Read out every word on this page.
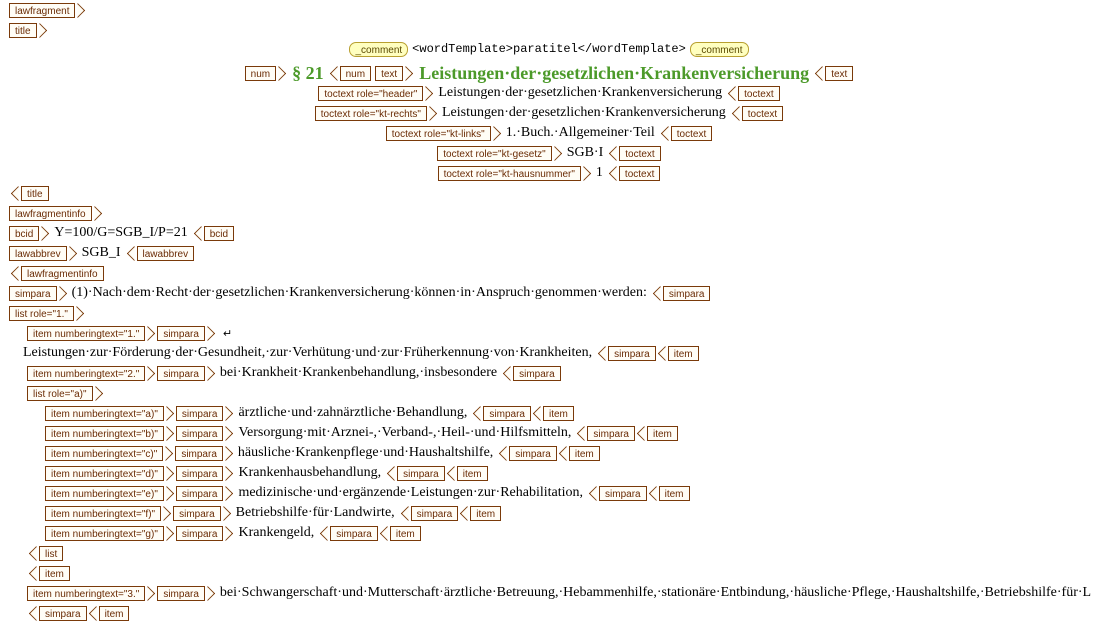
lawfragment
title
_comment <wordTemplate>paratitel</wordTemplate>	_comment
num	§ 21	num	text	Leistungen·der·gesetzlichen·Krankenversicherung	text
toctext role="header"	Leistungen·der·gesetzlichen·Krankenversicherung	toctext
toctext role="kt-rechts"	Leistungen·der·gesetzlichen·Krankenversicherung	toctext
toctext role="kt-links"	1.·Buch.·Allgemeiner·Teil	toctext
toctext role="kt-gesetz"	SGB·I	toctext
toctext role="kt-hausnummer"	1	toctext
title
lawfragmentinfo
bcid	Y=100/G=SGB_I/P=21	bcid
lawabbrev	SGB_I	lawabbrev
lawfragmentinfo
simpara	(1)·Nach·dem·Recht·der·gesetzlichen·Krankenversicherung·können·in·Anspruch·genommen·werden:	simpara
list role="1."
item numberingtext="1."	simpara	↵
Leistungen·zur·Förderung·der·Gesundheit,·zur·Verhütung·und·zur·Früherkennung·von·Krankheiten,	simpara	item
item numberingtext="2."	simpara	bei·Krankheit·Krankenbehandlung,·insbesondere	simpara
list role="a)"
item numberingtext="a)"	simpara	ärztliche·und·zahnärztliche·Behandlung,	simpara	item
item numberingtext="b)"	simpara	Versorgung·mit·Arznei-,·Verband-,·Heil-·und·Hilfsmitteln,	simpara	item
item numberingtext="c)"	simpara	häusliche·Krankenpflege·und·Haushaltshilfe,	simpara	item
item numberingtext="d)"	simpara	Krankenhausbehandlung,	simpara	item
item numberingtext="e)"	simpara	medizinische·und·ergänzende·Leistungen·zur·Rehabilitation,	simpara	item
item numberingtext="f)"	simpara	Betriebshilfe·für·Landwirte,	simpara	item
item numberingtext="g)"	simpara	Krankengeld,	simpara	item
list
item
item numberingtext="3."	simpara	bei·Schwangerschaft·und·Mutterschaft·ärztliche·Betreuung,·Hebammenhilfe,·stationäre·Entbindung,·häusliche·Pflege,·Haushaltshilfe,·Betriebshilfe·für·L
simpara	item
